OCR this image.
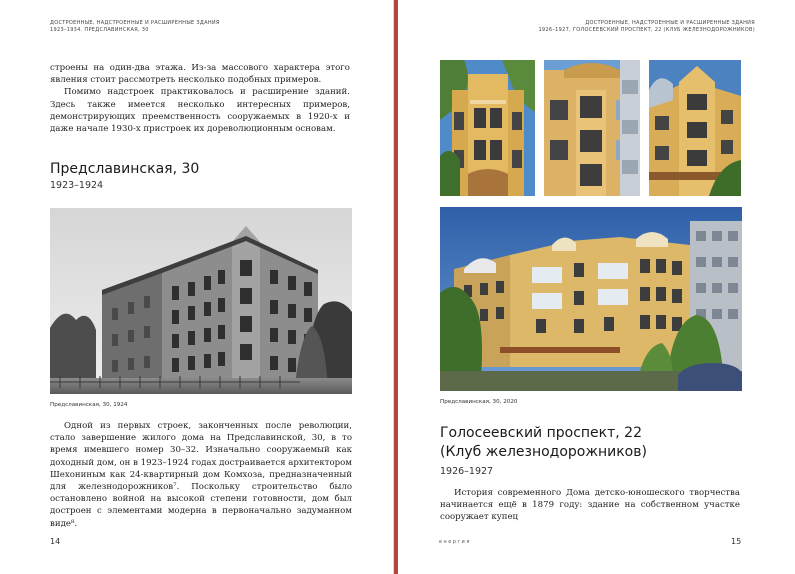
ДОСТРОЕННЫЕ, НАДСТРОЕННЫЕ И РАСШИРЕННЫЕ ЗДАНИЯ
1923–1934. ПРЕДСЛАВИНСКАЯ, 30

строены на один-два этажа. Из-за массового характера этого явления стоит рассмотреть несколько подобных примеров.

Помимо надстроек практиковалось и расширение зданий. Здесь также имеется несколько интересных примеров, демонстрирующих преемственность сооружаемых в 1920-х и даже начале 1930-х пристроек их дореволюционным основам.

Предславинская, 30
1923–1924
Предславинская, 30, 1924

Одной из первых строек, законченных после революции, стало завершение жилого дома на Предславинской, 30, в то время имевшего номер 30–32. Изначально сооружаемый как доходный дом, он в 1923–1924 годах достраивается архитектором Шехониным как 24-квартирный дом Комхоза, предназначенный для железнодорожников⁷. Поскольку строительство было остановлено войной на высокой степени готовности, дом был достроен с элементами модерна в первоначально задуманном виде⁸.

14
ДОСТРОЕННЫЕ, НАДСТРОЕННЫЕ И РАСШИРЕННЫЕ ЗДАНИЯ
1926–1927, ГОЛОСЕЕВСКИЙ ПРОСПЕКТ, 22 (КЛУБ ЖЕЛЕЗНОДОРОЖНИКОВ)
Предславинская, 30, 2020
Голосеевский проспект, 22
(Клуб железнодорожников)
1926–1927

История современного Дома детско-юношеского творчества начинается ещё в 1879 году: здание на собственном участке сооружает купец

енергия	15
